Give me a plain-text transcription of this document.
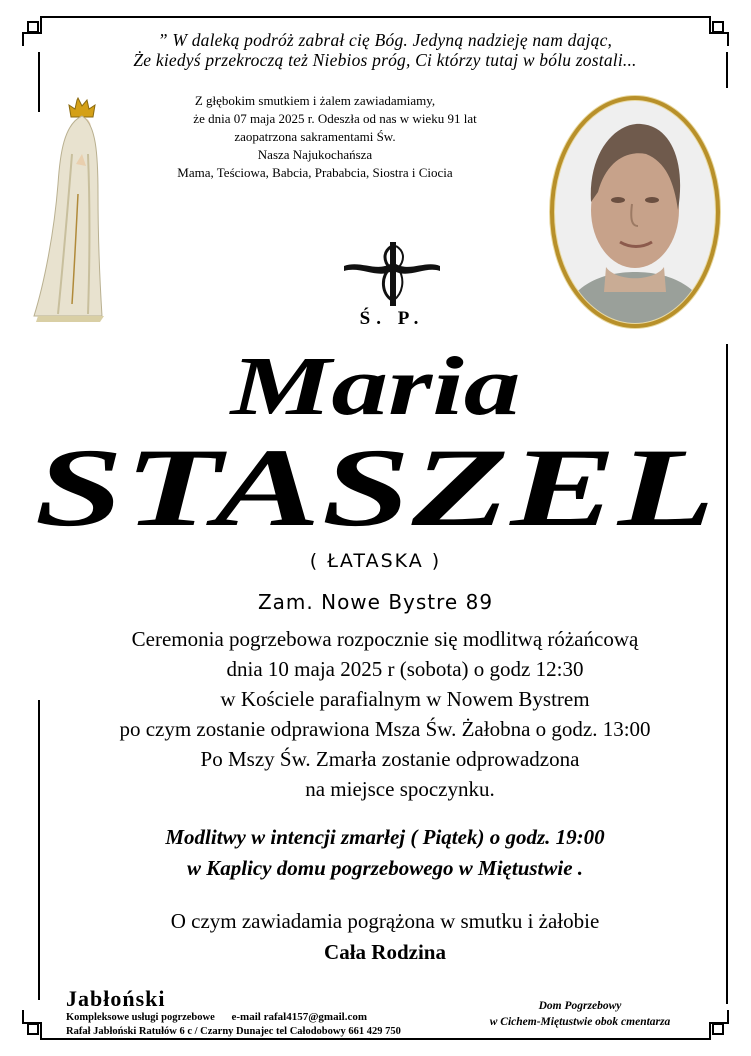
” W daleką podróż zabrał cię Bóg. Jedyną nadzieję nam dając,
Że kiedyś przekroczą też Niebios próg, Ci którzy tutaj w bólu zostali...
Z głębokim smutkiem i żalem zawiadamiamy,
że dnia 07 maja 2025 r. Odeszła od nas w wieku 91 lat
zaopatrzona sakramentami Św.
Nasza Najukochańsza
Mama, Teściowa, Babcia, Prababcia, Siostra i Ciocia
Ś. P.
Maria
STASZEL
( ŁATASKA )
Zam. Nowe Bystre 89
Ceremonia pogrzebowa rozpocznie się modlitwą różańcową
dnia 10 maja 2025 r (sobota) o godz 12:30
w Kościele parafialnym w Nowem Bystrem
po czym zostanie odprawiona Msza Św. Żałobna o godz. 13:00
Po Mszy Św. Zmarła zostanie odprowadzona
na miejsce spoczynku.
Modlitwy w intencji zmarłej ( Piątek) o godz. 19:00
w Kaplicy domu pogrzebowego w Miętustwie .
O czym zawiadamia pogrążona w smutku i żałobie
Cała Rodzina
Jabłoński
Kompleksowe usługi pogrzebowe e-mail rafal4157@gmail.com
Rafał Jabłoński Ratułów 6 c / Czarny Dunajec tel Całodobowy 661 429 750
Dom Pogrzebowy
w Cichem-Miętustwie obok cmentarza
